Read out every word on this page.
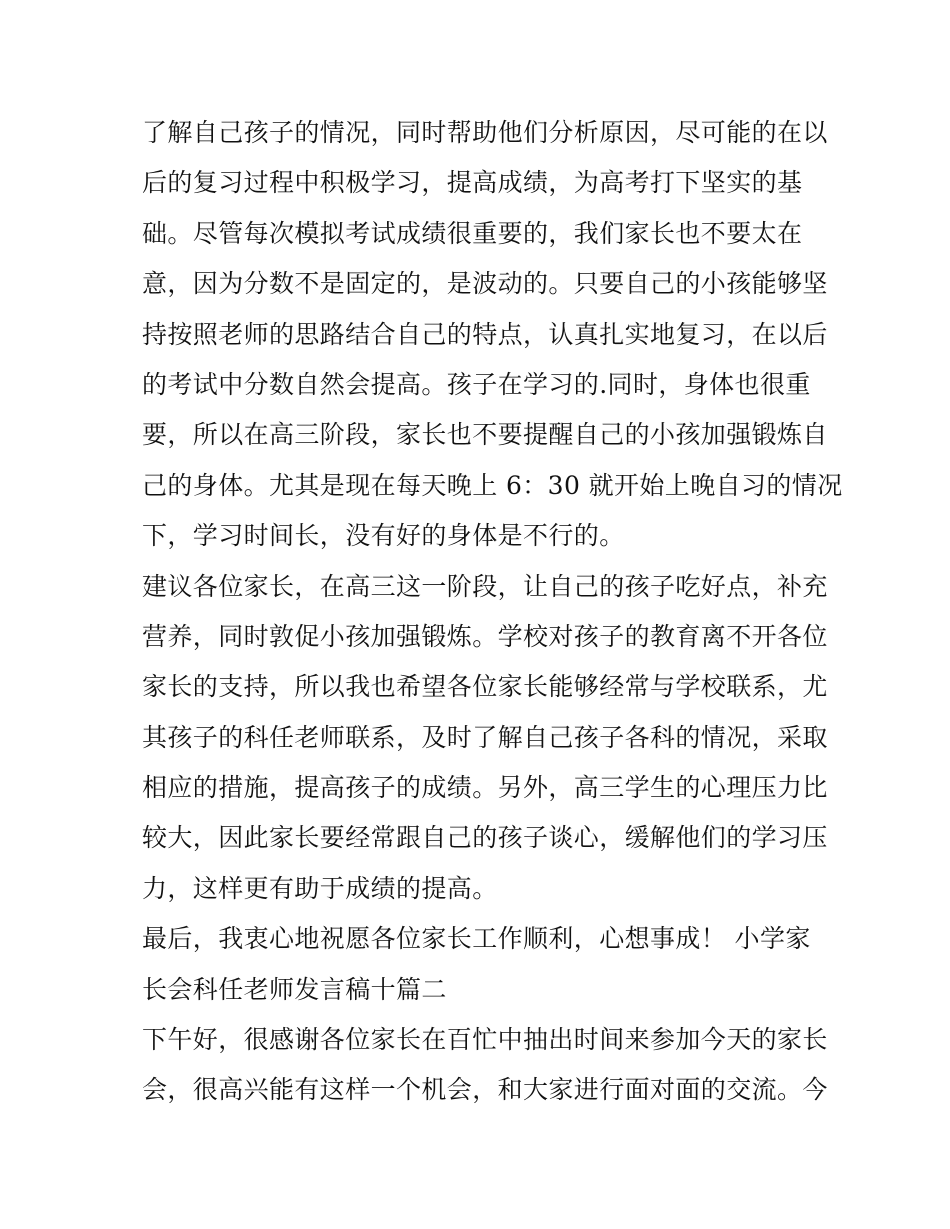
了解自己孩子的情况，同时帮助他们分析原因，尽可能的在以
后的复习过程中积极学习，提高成绩，为高考打下坚实的基
础。尽管每次模拟考试成绩很重要的，我们家长也不要太在
意，因为分数不是固定的，是波动的。只要自己的小孩能够坚
持按照老师的思路结合自己的特点，认真扎实地复习，在以后
的考试中分数自然会提高。孩子在学习的.同时，身体也很重
要，所以在高三阶段，家长也不要提醒自己的小孩加强锻炼自
己的身体。尤其是现在每天晚上 6：30 就开始上晚自习的情况
下，学习时间长，没有好的身体是不行的。
建议各位家长，在高三这一阶段，让自己的孩子吃好点，补充
营养，同时敦促小孩加强锻炼。学校对孩子的教育离不开各位
家长的支持，所以我也希望各位家长能够经常与学校联系，尤
其孩子的科任老师联系，及时了解自己孩子各科的情况，采取
相应的措施，提高孩子的成绩。另外，高三学生的心理压力比
较大，因此家长要经常跟自己的孩子谈心，缓解他们的学习压
力，这样更有助于成绩的提高。
最后，我衷心地祝愿各位家长工作顺利，心想事成！ 小学家
长会科任老师发言稿十篇二
下午好，很感谢各位家长在百忙中抽出时间来参加今天的家长
会，很高兴能有这样一个机会，和大家进行面对面的交流。今
